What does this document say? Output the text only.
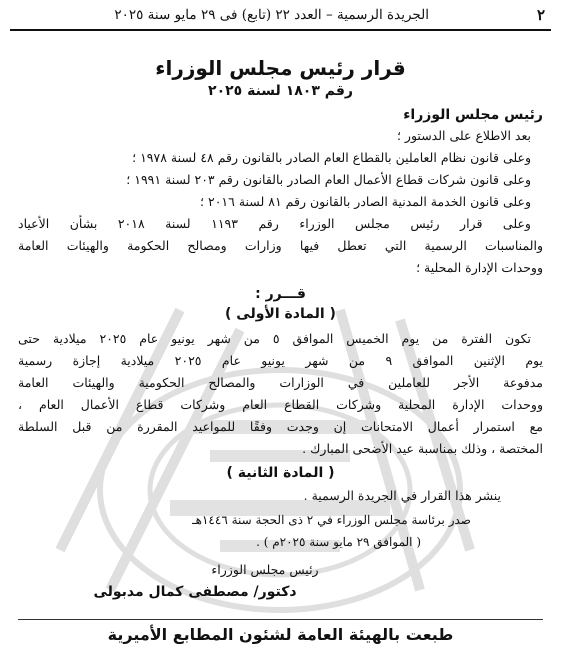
٢
الجريدة الرسمية – العدد ٢٢ (تابع) فى ٢٩ مايو سنة ٢٠٢٥
قرار رئيس مجلس الوزراء
رقم ١٨٠٣ لسنة ٢٠٢٥
رئيس مجلس الوزراء
بعد الاطلاع على الدستور ؛
وعلى قانون نظام العاملين بالقطاع العام الصادر بالقانون رقم ٤٨ لسنة ١٩٧٨ ؛
وعلى قانون شركات قطاع الأعمال العام الصادر بالقانون رقم ٢٠٣ لسنة ١٩٩١ ؛
وعلى قانون الخدمة المدنية الصادر بالقانون رقم ٨١ لسنة ٢٠١٦ ؛
وعلى قرار رئيس مجلس الوزراء رقم ١١٩٣ لسنة ٢٠١٨ بشأن الأعياد
والمناسبات الرسمية التي تعطل فيها وزارات ومصالح الحكومة والهيئات العامة
ووحدات الإدارة المحلية ؛
قـــرر :
( المادة الأولى )
تكون الفترة من يوم الخميس الموافق ٥ من شهر يونيو عام ٢٠٢٥ ميلادية حتى
يوم الإثنين الموافق ٩ من شهر يونيو عام ٢٠٢٥ ميلادية إجازة رسمية
مدفوعة الأجر للعاملين في الوزارات والمصالح الحكومية والهيئات العامة
ووحدات الإدارة المحلية وشركات القطاع العام وشركات قطاع الأعمال العام ،
مع استمرار أعمال الامتحانات إن وجدت وفقًا للمواعيد المقررة من قبل السلطة
المختصة ، وذلك بمناسبة عيد الأضحى المبارك .
( المادة الثانية )
ينشر هذا القرار في الجريدة الرسمية .
صدر برئاسة مجلس الوزراء في ٢ ذى الحجة سنة ١٤٤٦هـ
( الموافق ٢٩ مايو سنة ٢٠٢٥م ) .
رئيس مجلس الوزراء
دكتور/ مصطفى كمال مدبولى
طبعت بالهيئة العامة لشئون المطابع الأميرية
